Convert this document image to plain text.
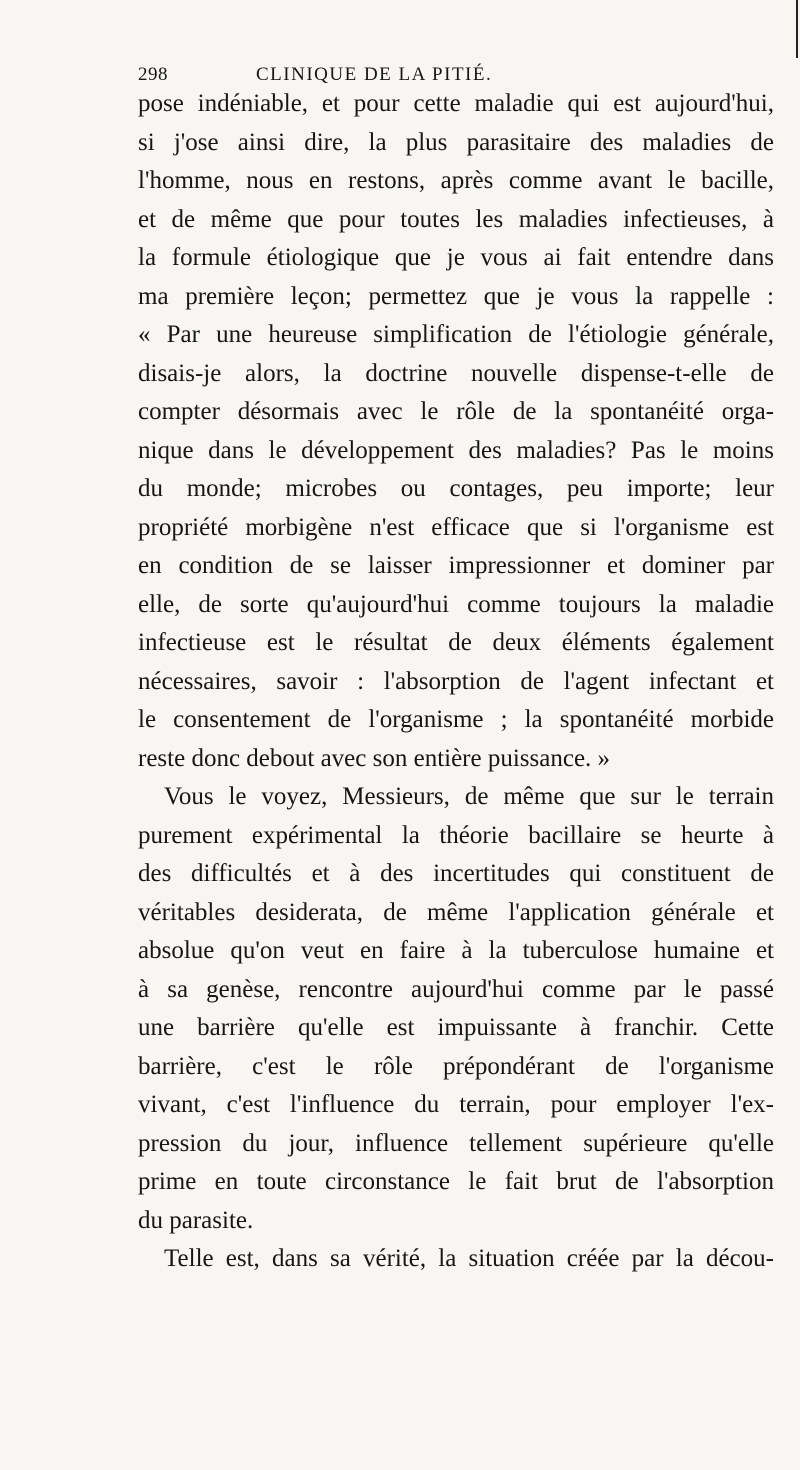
298	CLINIQUE DE LA PITIÉ.
pose indéniable, et pour cette maladie qui est aujourd'hui,
si j'ose ainsi dire, la plus parasitaire des maladies de
l'homme, nous en restons, après comme avant le bacille,
et de même que pour toutes les maladies infectieuses, à
la formule étiologique que je vous ai fait entendre dans
ma première leçon; permettez que je vous la rappelle :
« Par une heureuse simplification de l'étiologie générale,
disais-je alors, la doctrine nouvelle dispense-t-elle de
compter désormais avec le rôle de la spontanéité orga-
nique dans le développement des maladies? Pas le moins
du monde; microbes ou contages, peu importe; leur
propriété morbigène n'est efficace que si l'organisme est
en condition de se laisser impressionner et dominer par
elle, de sorte qu'aujourd'hui comme toujours la maladie
infectieuse est le résultat de deux éléments également
nécessaires, savoir : l'absorption de l'agent infectant et
le consentement de l'organisme ; la spontanéité morbide
reste donc debout avec son entière puissance. »
Vous le voyez, Messieurs, de même que sur le terrain
purement expérimental la théorie bacillaire se heurte à
des difficultés et à des incertitudes qui constituent de
véritables desiderata, de même l'application générale et
absolue qu'on veut en faire à la tuberculose humaine et
à sa genèse, rencontre aujourd'hui comme par le passé
une barrière qu'elle est impuissante à franchir. Cette
barrière, c'est le rôle prépondérant de l'organisme
vivant, c'est l'influence du terrain, pour employer l'ex-
pression du jour, influence tellement supérieure qu'elle
prime en toute circonstance le fait brut de l'absorption
du parasite.
Telle est, dans sa vérité, la situation créée par la décou-
